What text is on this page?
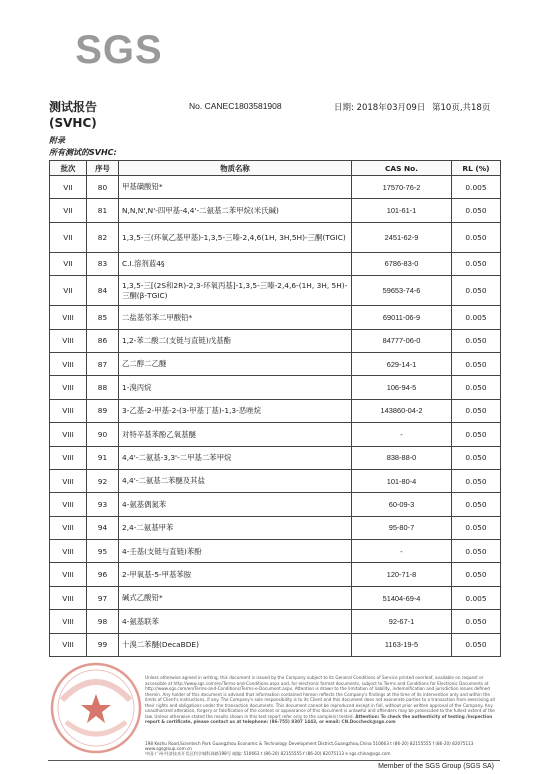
SGS
测试报告
(SVHC)
No. CANEC1803581908	日期: 2018年03月09日 第10页,共18页
附录
所有测试的SVHC:
批次	序号	物质名称	CAS No.	RL (%)
VII	80	甲基磺酸铅*	17570-76-2	0.005
VII	81	N,N,N',N'-四甲基-4,4'-二氨基二苯甲烷(米氏碱)	101-61-1	0.050
VII	82	1,3,5-三(环氧乙基甲基)-1,3,5-三嗪-2,4,6(1H, 3H,5H)-三酮(TGIC)	2451-62-9	0.050
VII	83	C.I.溶剂蓝4§	6786-83-0	0.050
VII	84	1,3,5-三[(2S和2R)-2,3-环氧丙基]-1,3,5-三嗪-2,4,6-(1H, 3H, 5H)-三酮(β-TGIC)	59653-74-6	0.050
VIII	85	二盐基邻苯二甲酸铅*	69011-06-9	0.005
VIII	86	1,2-苯二酸二(支链与直链)戊基酯	84777-06-0	0.050
VIII	87	乙二醇二乙醚	629-14-1	0.050
VIII	88	1-溴丙烷	106-94-5	0.050
VIII	89	3-乙基-2-甲基-2-(3-甲基丁基)-1,3-恶唑烷	143860-04-2	0.050
VIII	90	对特辛基苯酚乙氧基醚	-	0.050
VIII	91	4,4'-二氨基-3,3'-二甲基二苯甲烷	838-88-0	0.050
VIII	92	4,4'-二氨基二苯醚及其盐	101-80-4	0.050
VIII	93	4-氨基偶氮苯	60-09-3	0.050
VIII	94	2,4-二氨基甲苯	95-80-7	0.050
VIII	95	4-壬基(支链与直链)苯酚	-	0.050
VIII	96	2-甲氧基-5-甲基苯胺	120-71-8	0.050
VIII	97	碱式乙酸铅*	51404-69-4	0.005
VIII	98	4-氨基联苯	92-67-1	0.050
VIII	99	十溴二苯醚(DecaBDE)	1163-19-5	0.050
Unless otherwise agreed in writing, this document is issued by the Company subject to its General Conditions of Service printed overleaf, available on request or accessible at http://www.sgs.com/en/Terms-and-Conditions.aspx and, for electronic format documents, subject to Terms and Conditions for Electronic Documents at http://www.sgs.com/en/Terms-and-Conditions/Terms-e-Document.aspx. Attention is drawn to the limitation of liability, indemnification and jurisdiction issues defined therein. Any holder of this document is advised that information contained hereon reflects the Company's findings at the time of its intervention only and within the limits of Client's instructions, if any. The Company's sole responsibility is to its Client and this document does not exonerate parties to a transaction from exercising all their rights and obligations under the transaction documents. This document cannot be reproduced except in full, without prior written approval of the Company. Any unauthorized alteration, forgery or falsification of the content or appearance of this document is unlawful and offenders may be prosecuted to the fullest extent of the law. Unless otherwise stated the results shown in this test report refer only to the sample(s) tested. Attention: To check the authenticity of testing /inspection report & certificate, please contact us at telephone: (86-755) 8307 1443, or email: CN.Doccheck@sgs.com
198 Kezhu Road,Scientech Park Guangzhou Economic & Technology Development District,Guangzhou,China 510663 t (86-20) 82155555 f (86-20) 82075113 www.sgsgroup.com.cn
中国·广州·经济技术开发区科学城科珠路198号 邮编: 510663 t (86-20) 82155555 f (86-20) 82075113 e sgs.china@sgs.com
Member of the SGS Group (SGS SA)
